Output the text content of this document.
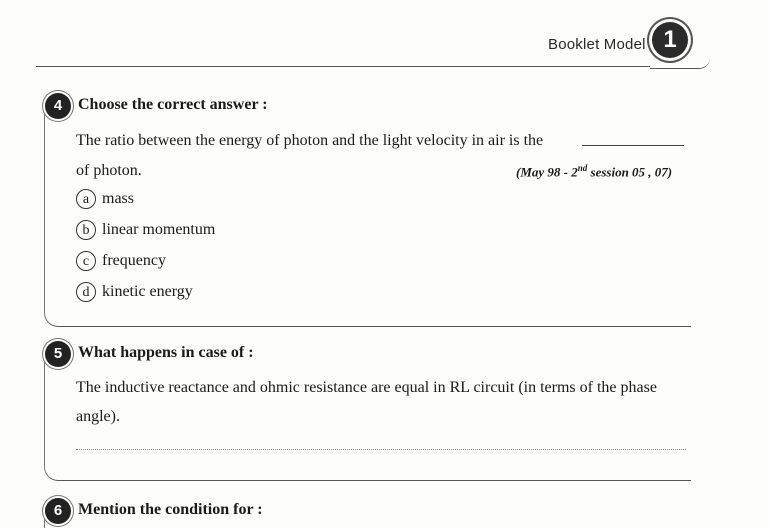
Booklet Model 1
4 Choose the correct answer :
The ratio between the energy of photon and the light velocity in air is the
of photon.	(May 98 - 2nd session 05 , 07)
a mass
b linear momentum
c frequency
d kinetic energy
5 What happens in case of :
The inductive reactance and ohmic resistance are equal in RL circuit (in terms of the phase
angle).
6 Mention the condition for :
